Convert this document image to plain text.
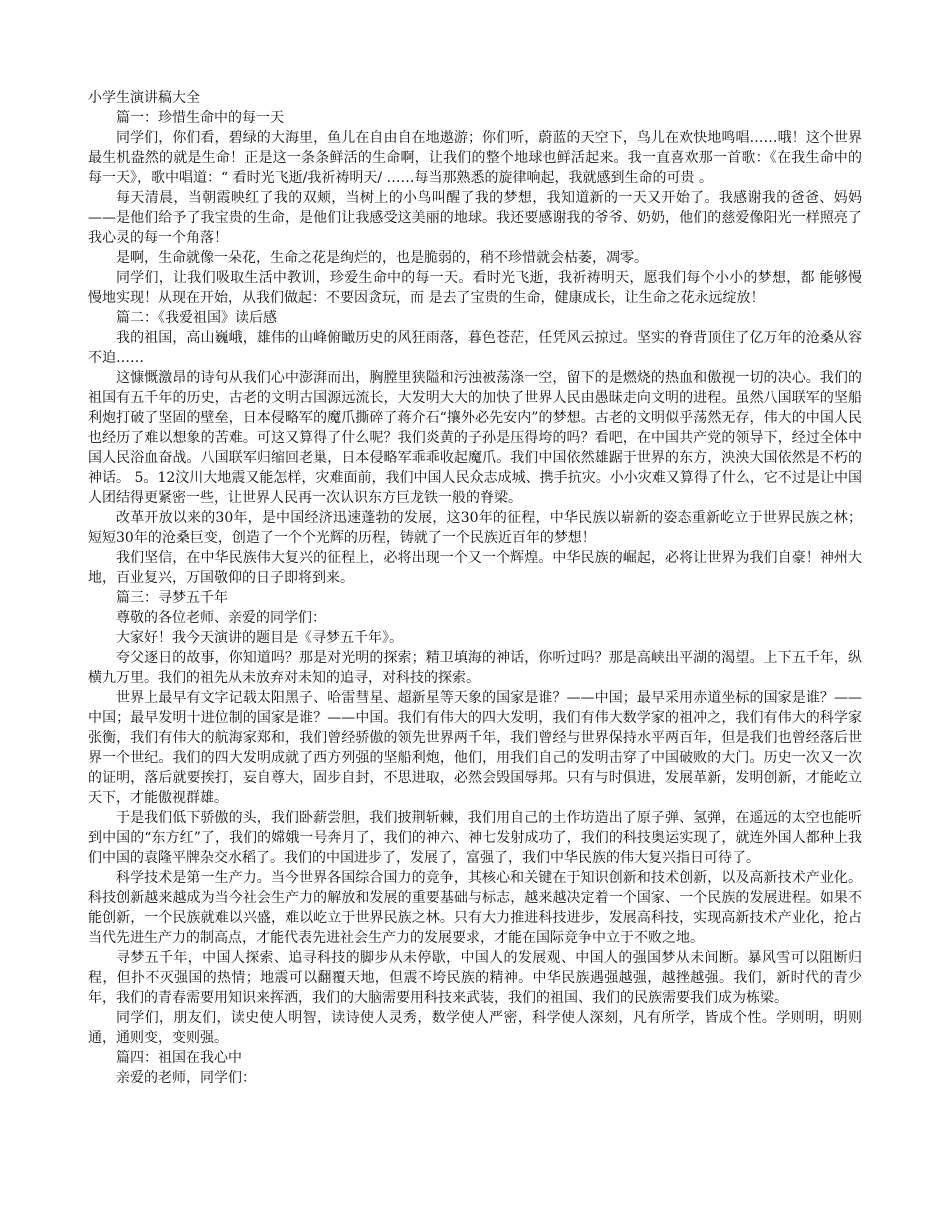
小学生演讲稿大全
篇一：珍惜生命中的每一天

同学们，你们看，碧绿的大海里，鱼儿在自由自在地遨游；你们听，蔚蓝的天空下，鸟儿在欢快地鸣唱……哦！这个世界最生机盎然的就是生命！正是这一条条鲜活的生命啊，让我们的整个地球也鲜活起来。我一直喜欢那一首歌：《在我生命中的每一天》，歌中唱道：“ 看时光飞逝/我祈祷明天/ ……每当那熟悉的旋律响起，我就感到生命的可贵 。

每天清晨，当朝霞映红了我的双颊，当树上的小鸟叫醒了我的梦想，我知道新的一天又开始了。我感谢我的爸爸、妈妈——是他们给予了我宝贵的生命，是他们让我感受这美丽的地球。我还要感谢我的爷爷、奶奶，他们的慈爱像阳光一样照亮了我心灵的每一个角落！

是啊，生命就像一朵花，生命之花是绚烂的，也是脆弱的，稍不珍惜就会枯萎，凋零。

同学们，让我们吸取生活中教训，珍爱生命中的每一天。看时光飞逝，我祈祷明天，愿我们每个小小的梦想，都 能够慢慢地实现！从现在开始，从我们做起：不要因贪玩，而 是去了宝贵的生命，健康成长，让生命之花永远绽放！

篇二：《我爱祖国》读后感

我的祖国，高山巍峨，雄伟的山峰俯瞰历史的风狂雨落，暮色苍茫，任凭风云掠过。坚实的脊背顶住了亿万年的沧桑从容不迫……

这慷慨激昂的诗句从我们心中澎湃而出，胸膛里狭隘和污浊被荡涤一空，留下的是燃烧的热血和傲视一切的决心。我们的祖国有五千年的历史，古老的文明古国源远流长，大发明大大的加快了世界人民由愚昧走向文明的进程。虽然八国联军的坚船利炮打破了坚固的壁垒，日本侵略军的魔爪撕碎了蒋介石“攘外必先安内”的梦想。古老的文明似乎荡然无存，伟大的中国人民也经历了难以想象的苦难。可这又算得了什么呢？我们炎黄的子孙是压得垮的吗？看吧，在中国共产党的领导下，经过全体中国人民浴血奋战。八国联军归缩回老巢，日本侵略军乖乖收起魔爪。我们中国依然雄踞于世界的东方，泱泱大国依然是不朽的神话。 5。12汶川大地震又能怎样，灾难面前，我们中国人民众志成城、携手抗灾。小小灾难又算得了什么，它不过是让中国人团结得更紧密一些，让世界人民再一次认识东方巨龙铁一般的脊梁。

改革开放以来的30年，是中国经济迅速蓬勃的发展，这30年的征程，中华民族以崭新的姿态重新屹立于世界民族之林；短短30年的沧桑巨变，创造了一个个光辉的历程，铸就了一个民族近百年的梦想！

我们坚信，在中华民族伟大复兴的征程上，必将出现一个又一个辉煌。中华民族的崛起，必将让世界为我们自豪！神州大地，百业复兴，万国敬仰的日子即将到来。

篇三：寻梦五千年

尊敬的各位老师、亲爱的同学们：

大家好！我今天演讲的题目是《寻梦五千年》。

夸父逐日的故事，你知道吗？那是对光明的探索；精卫填海的神话，你听过吗？那是高峡出平湖的渴望。上下五千年，纵横九万里。我们的祖先从未放弃对未知的追寻，对科技的探索。

世界上最早有文字记载太阳黑子、哈雷彗星、超新星等天象的国家是谁？——中国；最早采用赤道坐标的国家是谁？——中国；最早发明十进位制的国家是谁？——中国。我们有伟大的四大发明，我们有伟大数学家的祖冲之，我们有伟大的科学家张衡，我们有伟大的航海家郑和，我们曾经骄傲的领先世界两千年，我们曾经与世界保持水平两百年，但是我们也曾经落后世界一个世纪。我们的四大发明成就了西方列强的坚船利炮，他们，用我们自己的发明击穿了中国破败的大门。历史一次又一次的证明，落后就要挨打，妄自尊大，固步自封，不思进取，必然会毁国辱邦。只有与时俱进，发展革新，发明创新，才能屹立天下，才能傲视群雄。

于是我们低下骄傲的头，我们卧薪尝胆，我们披荆斩棘，我们用自己的土作坊造出了原子弹、氢弹，在遥远的太空也能听到中国的“东方红”了，我们的嫦娥一号奔月了，我们的神六、神七发射成功了，我们的科技奥运实现了，就连外国人都种上我们中国的袁隆平牌杂交水稻了。我们的中国进步了，发展了，富强了，我们中华民族的伟大复兴指日可待了。

科学技术是第一生产力。当今世界各国综合国力的竞争，其核心和关键在于知识创新和技术创新，以及高新技术产业化。科技创新越来越成为当今社会生产力的解放和发展的重要基础与标志，越来越决定着一个国家、一个民族的发展进程。如果不能创新，一个民族就难以兴盛，难以屹立于世界民族之林。只有大力推进科技进步，发展高科技，实现高新技术产业化，抢占当代先进生产力的制高点，才能代表先进社会生产力的发展要求，才能在国际竞争中立于不败之地。

寻梦五千年，中国人探索、追寻科技的脚步从未停歇，中国人的发展观、中国人的强国梦从未间断。暴风雪可以阻断归程，但扑不灭强国的热情；地震可以翻覆天地，但震不垮民族的精神。中华民族遇强越强，越挫越强。我们，新时代的青少年，我们的青春需要用知识来挥洒，我们的大脑需要用科技来武装，我们的祖国、我们的民族需要我们成为栋梁。

同学们，朋友们，读史使人明智，读诗使人灵秀，数学使人严密，科学使人深刻，凡有所学，皆成个性。学则明，明则通，通则变，变则强。

篇四：祖国在我心中

亲爱的老师，同学们：
